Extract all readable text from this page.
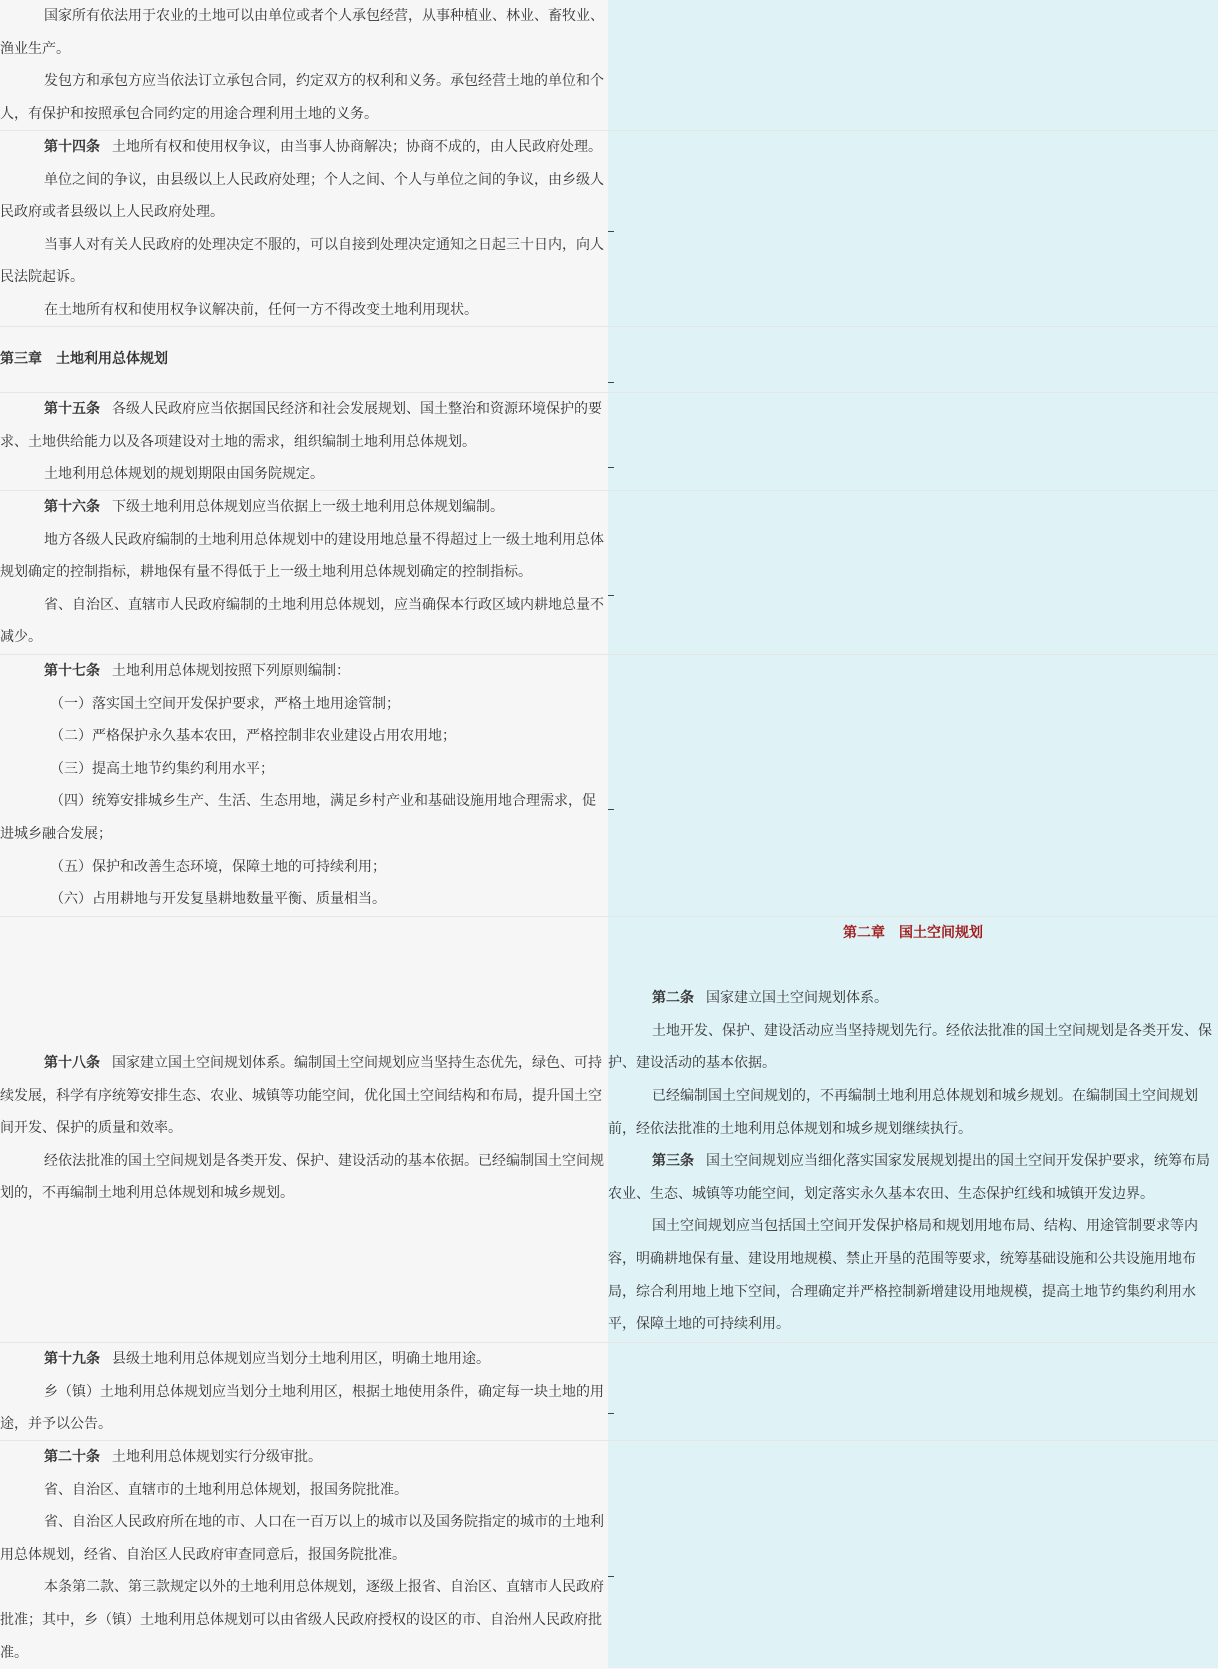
国家所有依法用于农业的土地可以由单位或者个人承包经营，从事种植业、林业、畜牧业、渔业生产。

发包方和承包方应当依法订立承包合同，约定双方的权利和义务。承包经营土地的单位和个人，有保护和按照承包合同约定的用途合理利用土地的义务。

第十四条 土地所有权和使用权争议，由当事人协商解决；协商不成的，由人民政府处理。

单位之间的争议，由县级以上人民政府处理；个人之间、个人与单位之间的争议，由乡级人民政府或者县级以上人民政府处理。

当事人对有关人民政府的处理决定不服的，可以自接到处理决定通知之日起三十日内，向人民法院起诉。

在土地所有权和使用权争议解决前，任何一方不得改变土地利用现状。

第三章　土地利用总体规划

第十五条 各级人民政府应当依据国民经济和社会发展规划、国土整治和资源环境保护的要求、土地供给能力以及各项建设对土地的需求，组织编制土地利用总体规划。

土地利用总体规划的规划期限由国务院规定。

第十六条 下级土地利用总体规划应当依据上一级土地利用总体规划编制。

地方各级人民政府编制的土地利用总体规划中的建设用地总量不得超过上一级土地利用总体规划确定的控制指标，耕地保有量不得低于上一级土地利用总体规划确定的控制指标。

省、自治区、直辖市人民政府编制的土地利用总体规划，应当确保本行政区域内耕地总量不减少。

第十七条 土地利用总体规划按照下列原则编制：

（一）落实国土空间开发保护要求，严格土地用途管制；

（二）严格保护永久基本农田，严格控制非农业建设占用农用地；

（三）提高土地节约集约利用水平；

（四）统筹安排城乡生产、生活、生态用地，满足乡村产业和基础设施用地合理需求，促进城乡融合发展；

（五）保护和改善生态环境，保障土地的可持续利用；

（六）占用耕地与开发复垦耕地数量平衡、质量相当。

第十八条 国家建立国土空间规划体系。编制国土空间规划应当坚持生态优先，绿色、可持续发展，科学有序统筹安排生态、农业、城镇等功能空间，优化国土空间结构和布局，提升国土空间开发、保护的质量和效率。

经依法批准的国土空间规划是各类开发、保护、建设活动的基本依据。已经编制国土空间规划的，不再编制土地利用总体规划和城乡规划。

第二章　国土空间规划

第二条 国家建立国土空间规划体系。

土地开发、保护、建设活动应当坚持规划先行。经依法批准的国土空间规划是各类开发、保护、建设活动的基本依据。

已经编制国土空间规划的，不再编制土地利用总体规划和城乡规划。在编制国土空间规划前，经依法批准的土地利用总体规划和城乡规划继续执行。

第三条 国土空间规划应当细化落实国家发展规划提出的国土空间开发保护要求，统筹布局农业、生态、城镇等功能空间，划定落实永久基本农田、生态保护红线和城镇开发边界。

国土空间规划应当包括国土空间开发保护格局和规划用地布局、结构、用途管制要求等内容，明确耕地保有量、建设用地规模、禁止开垦的范围等要求，统筹基础设施和公共设施用地布局，综合利用地上地下空间，合理确定并严格控制新增建设用地规模，提高土地节约集约利用水平，保障土地的可持续利用。

第十九条 县级土地利用总体规划应当划分土地利用区，明确土地用途。

乡（镇）土地利用总体规划应当划分土地利用区，根据土地使用条件，确定每一块土地的用途，并予以公告。

第二十条 土地利用总体规划实行分级审批。

省、自治区、直辖市的土地利用总体规划，报国务院批准。

省、自治区人民政府所在地的市、人口在一百万以上的城市以及国务院指定的城市的土地利用总体规划，经省、自治区人民政府审查同意后，报国务院批准。

本条第二款、第三款规定以外的土地利用总体规划，逐级上报省、自治区、直辖市人民政府批准；其中，乡（镇）土地利用总体规划可以由省级人民政府授权的设区的市、自治州人民政府批准。
